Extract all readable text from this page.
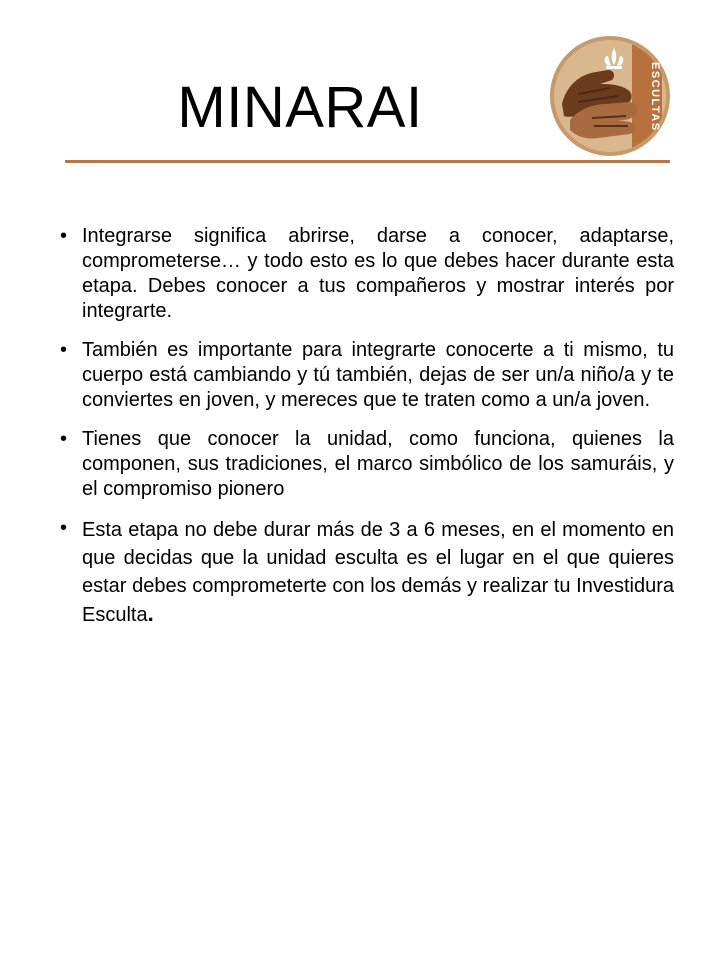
MINARAI	ESCULTAS
• Integrarse significa abrirse, darse a conocer, adaptarse, comprometerse… y todo esto es lo que debes hacer durante esta etapa. Debes conocer a tus compañeros y mostrar interés por integrarte.
• También es importante para integrarte conocerte a ti mismo, tu cuerpo está cambiando y tú también, dejas de ser un/a niño/a y te conviertes en joven, y mereces que te traten como a un/a joven.
• Tienes que conocer la unidad, como funciona, quienes la componen, sus tradiciones, el marco simbólico de los samuráis, y el compromiso pionero
• Esta etapa no debe durar más de 3 a 6 meses, en el momento en que decidas que la unidad esculta es el lugar en el que quieres estar debes comprometerte con los demás y realizar tu Investidura Esculta.
